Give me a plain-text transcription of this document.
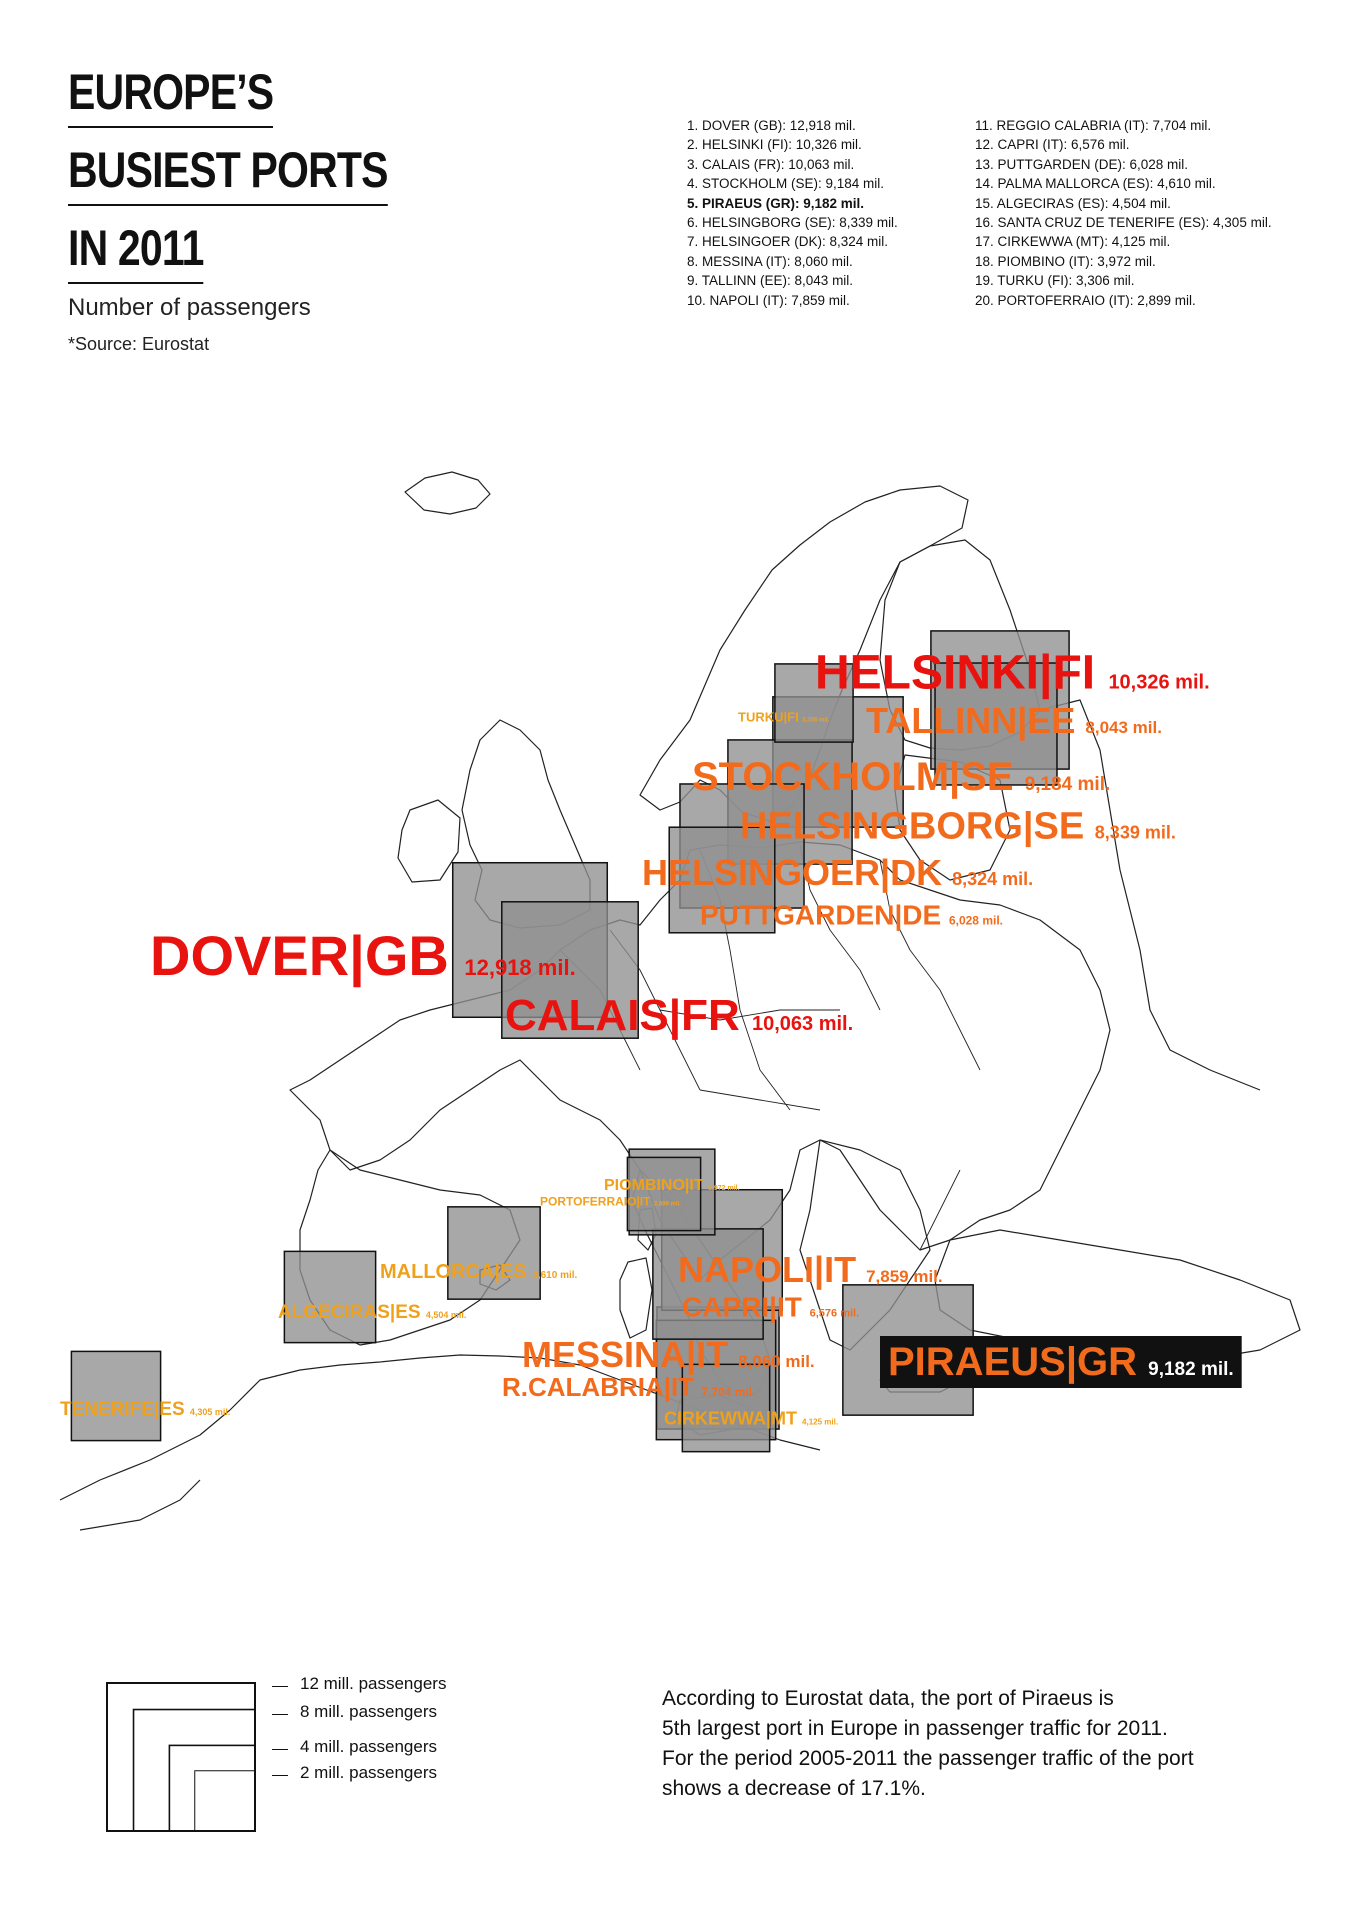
EUROPE’S
BUSIEST PORTS
IN 2011
Number of passengers
*Source: Eurostat
1. DOVER (GB): 12,918 mil.
2. HELSINKI (FI): 10,326 mil.
3. CALAIS (FR): 10,063 mil.
4. STOCKHOLM (SE): 9,184 mil.
5. PIRAEUS (GR): 9,182 mil.
6. HELSINGBORG (SE): 8,339 mil.
7. HELSINGOER (DK): 8,324 mil.
8. MESSINA (IT): 8,060 mil.
9. TALLINN (EE): 8,043 mil.
10. NAPOLI (IT): 7,859 mil.
11. REGGIO CALABRIA (IT): 7,704 mil.
12. CAPRI (IT): 6,576 mil.
13. PUTTGARDEN (DE): 6,028 mil.
14. PALMA MALLORCA (ES): 4,610 mil.
15. ALGECIRAS (ES): 4,504 mil.
16. SANTA CRUZ DE TENERIFE (ES): 4,305 mil.
17. CIRKEWWA (MT): 4,125 mil.
18. PIOMBINO (IT): 3,972 mil.
19. TURKU (FI): 3,306 mil.
20. PORTOFERRAIO (IT): 2,899 mil.
DOVER|GB 12,918 mil.
HELSINKI|FI 10,326 mil.
CALAIS|FR 10,063 mil.
STOCKHOLM|SE 9,184 mil.
PIRAEUS|GR 9,182 mil.
HELSINGBORG|SE 8,339 mil.
HELSINGOER|DK 8,324 mil.
MESSINA|IT 8,060 mil.
TALLINN|EE 8,043 mil.
NAPOLI|IT 7,859 mil.
R.CALABRIA|IT 7,704 mil.
CAPRI|IT 6,576 mil.
PUTTGARDEN|DE 6,028 mil.
MALLORCA|ES 4,610 mil.
ALGECIRAS|ES 4,504 mil.
TENERIFE|ES 4,305 mil.	CIRKEWWA|MT 4,125 mil.
PIOMBINO|IT 3,972 mil.
TURKU|FI 3,306 mil.
PORTOFERRAIO|IT 2,899 mil.
12 mill. passengers
8 mill. passengers
4 mill. passengers
2 mill. passengers
According to Eurostat data, the port of Piraeus is
5th largest port in Europe in passenger traffic for 2011.
For the period 2005-2011 the passenger traffic of the port
shows a decrease of 17.1%.
